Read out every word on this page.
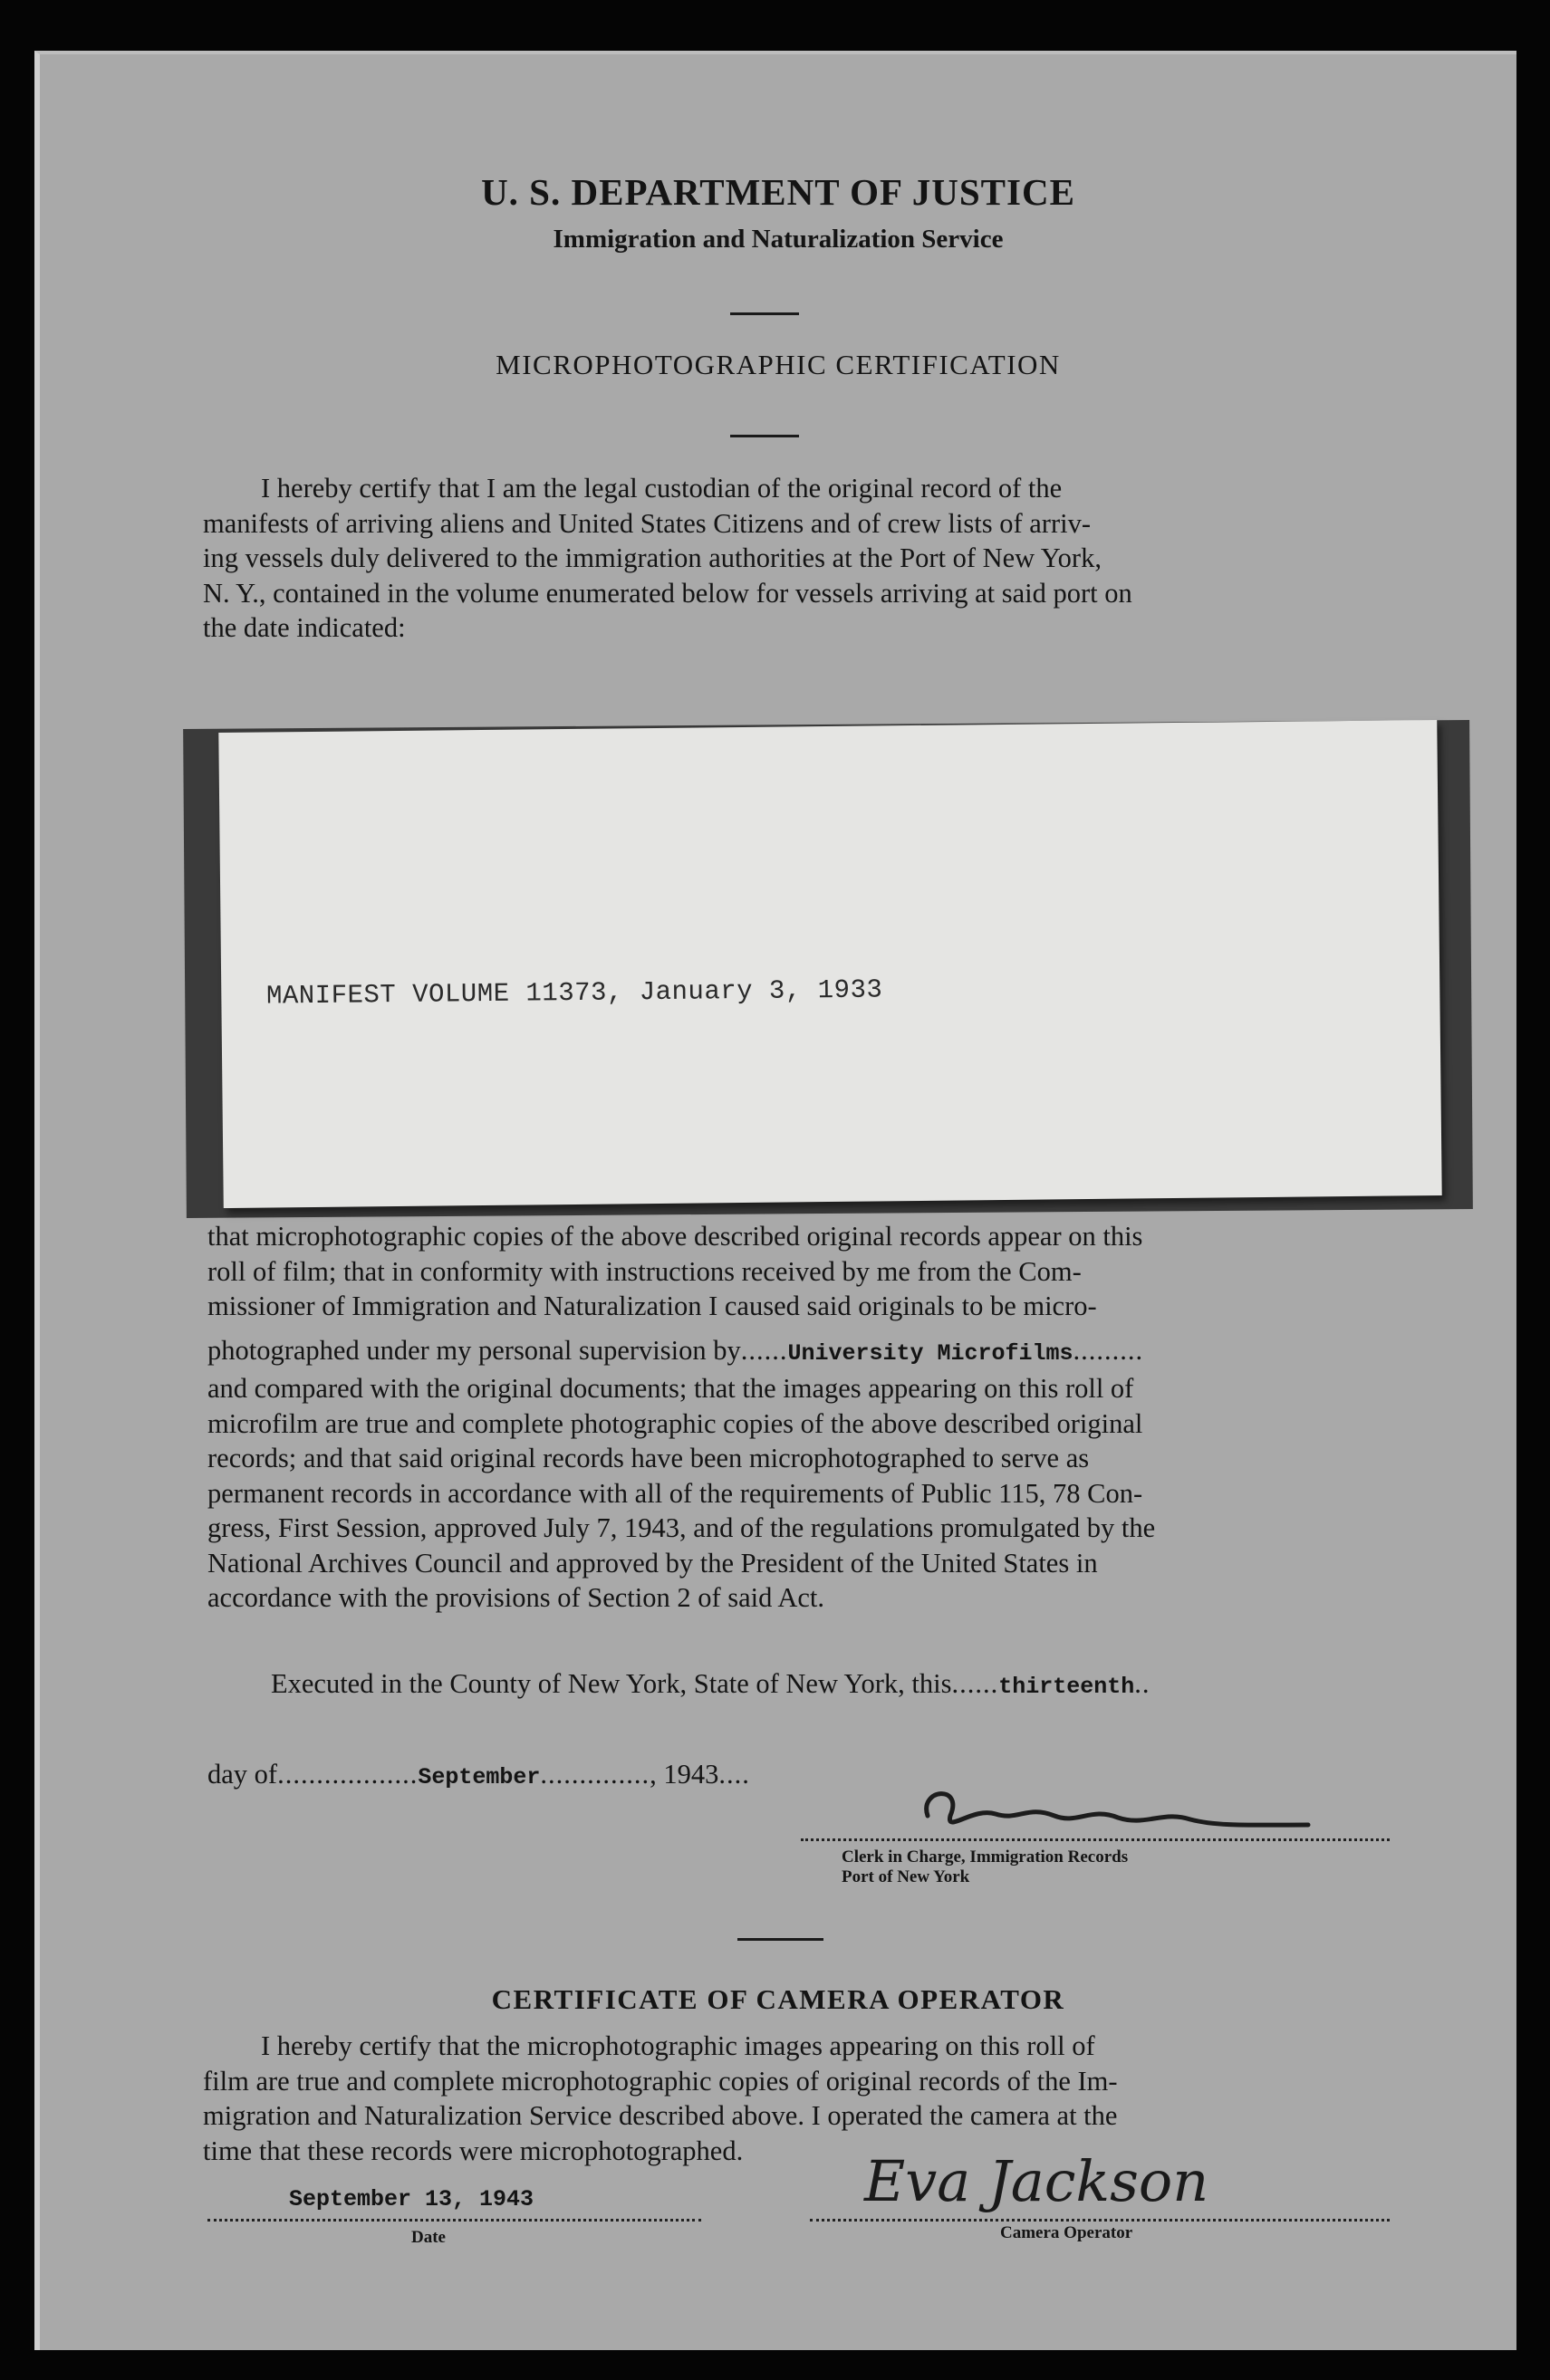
U. S. DEPARTMENT OF JUSTICE
Immigration and Naturalization Service
MICROPHOTOGRAPHIC CERTIFICATION

I hereby certify that I am the legal custodian of the original record of the

manifests of arriving aliens and United States Citizens and of crew lists of arriv-

ing vessels duly delivered to the immigration authorities at the Port of New York,

N. Y., contained in the volume enumerated below for vessels arriving at said port on

the date indicated:

MANIFEST VOLUME 11373, January 3, 1933

that microphotographic copies of the above described original records appear on this

roll of film; that in conformity with instructions received by me from the Com-

missioner of Immigration and Naturalization I caused said originals to be micro-

photographed under my personal supervision by......University Microfilms.........

and compared with the original documents; that the images appearing on this roll of

microfilm are true and complete photographic copies of the above described original

records; and that said original records have been microphotographed to serve as

permanent records in accordance with all of the requirements of Public 115, 78 Con-

gress, First Session, approved July 7, 1943, and of the regulations promulgated by the

National Archives Council and approved by the President of the United States in

accordance with the provisions of Section 2 of said Act.

Executed in the County of New York, State of New York, this......thirteenth..
day of..................September.............., 1943....
Clerk in Charge, Immigration Records
Port of New York
CERTIFICATE OF CAMERA OPERATOR

I hereby certify that the microphotographic images appearing on this roll of

film are true and complete microphotographic copies of original records of the Im-

migration and Naturalization Service described above. I operated the camera at the

time that these records were microphotographed.

September 13, 1943
Date
Eva Jackson
Camera Operator
